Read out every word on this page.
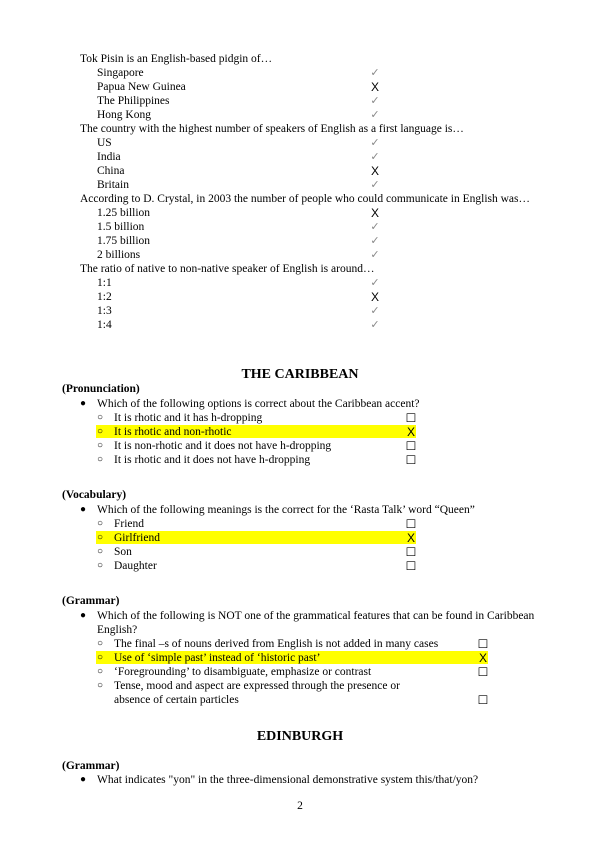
Tok Pisin is an English-based pidgin of…
Singapore	✓
Papua New Guinea	X
The Philippines	✓
Hong Kong	✓
The country with the highest number of speakers of English as a first language is…
US	✓
India	✓
China	X
Britain	✓
According to D. Crystal, in 2003 the number of people who could communicate in English was…
1.25 billion	X
1.5 billion	✓
1.75 billion	✓
2 billions	✓
The ratio of native to non-native speaker of English is around…
1:1	✓
1:2	X
1:3	✓
1:4	✓
THE CARIBBEAN
(Pronunciation)
● Which of the following options is correct about the Caribbean accent?
○ It is rhotic and it has h-dropping	☐
○ It is rhotic and non-rhotic	X
○ It is non-rhotic and it does not have h-dropping	☐
○ It is rhotic and it does not have h-dropping	☐
(Vocabulary)
● Which of the following meanings is the correct for the ‘Rasta Talk’ word “Queen”
○ Friend	☐
○ Girlfriend	X
○ Son	☐
○ Daughter	☐
(Grammar)
● Which of the following is NOT one of the grammatical features that can be found in Caribbean
English?
○ The final –s of nouns derived from English is not added in many cases	☐
○ Use of ‘simple past’ instead of ‘historic past’	X
○ ‘Foregrounding’ to disambiguate, emphasize or contrast	☐
○ Tense, mood and aspect are expressed through the presence or
absence of certain particles	☐
EDINBURGH
(Grammar)
● What indicates "yon" in the three-dimensional demonstrative system this/that/yon?
2
